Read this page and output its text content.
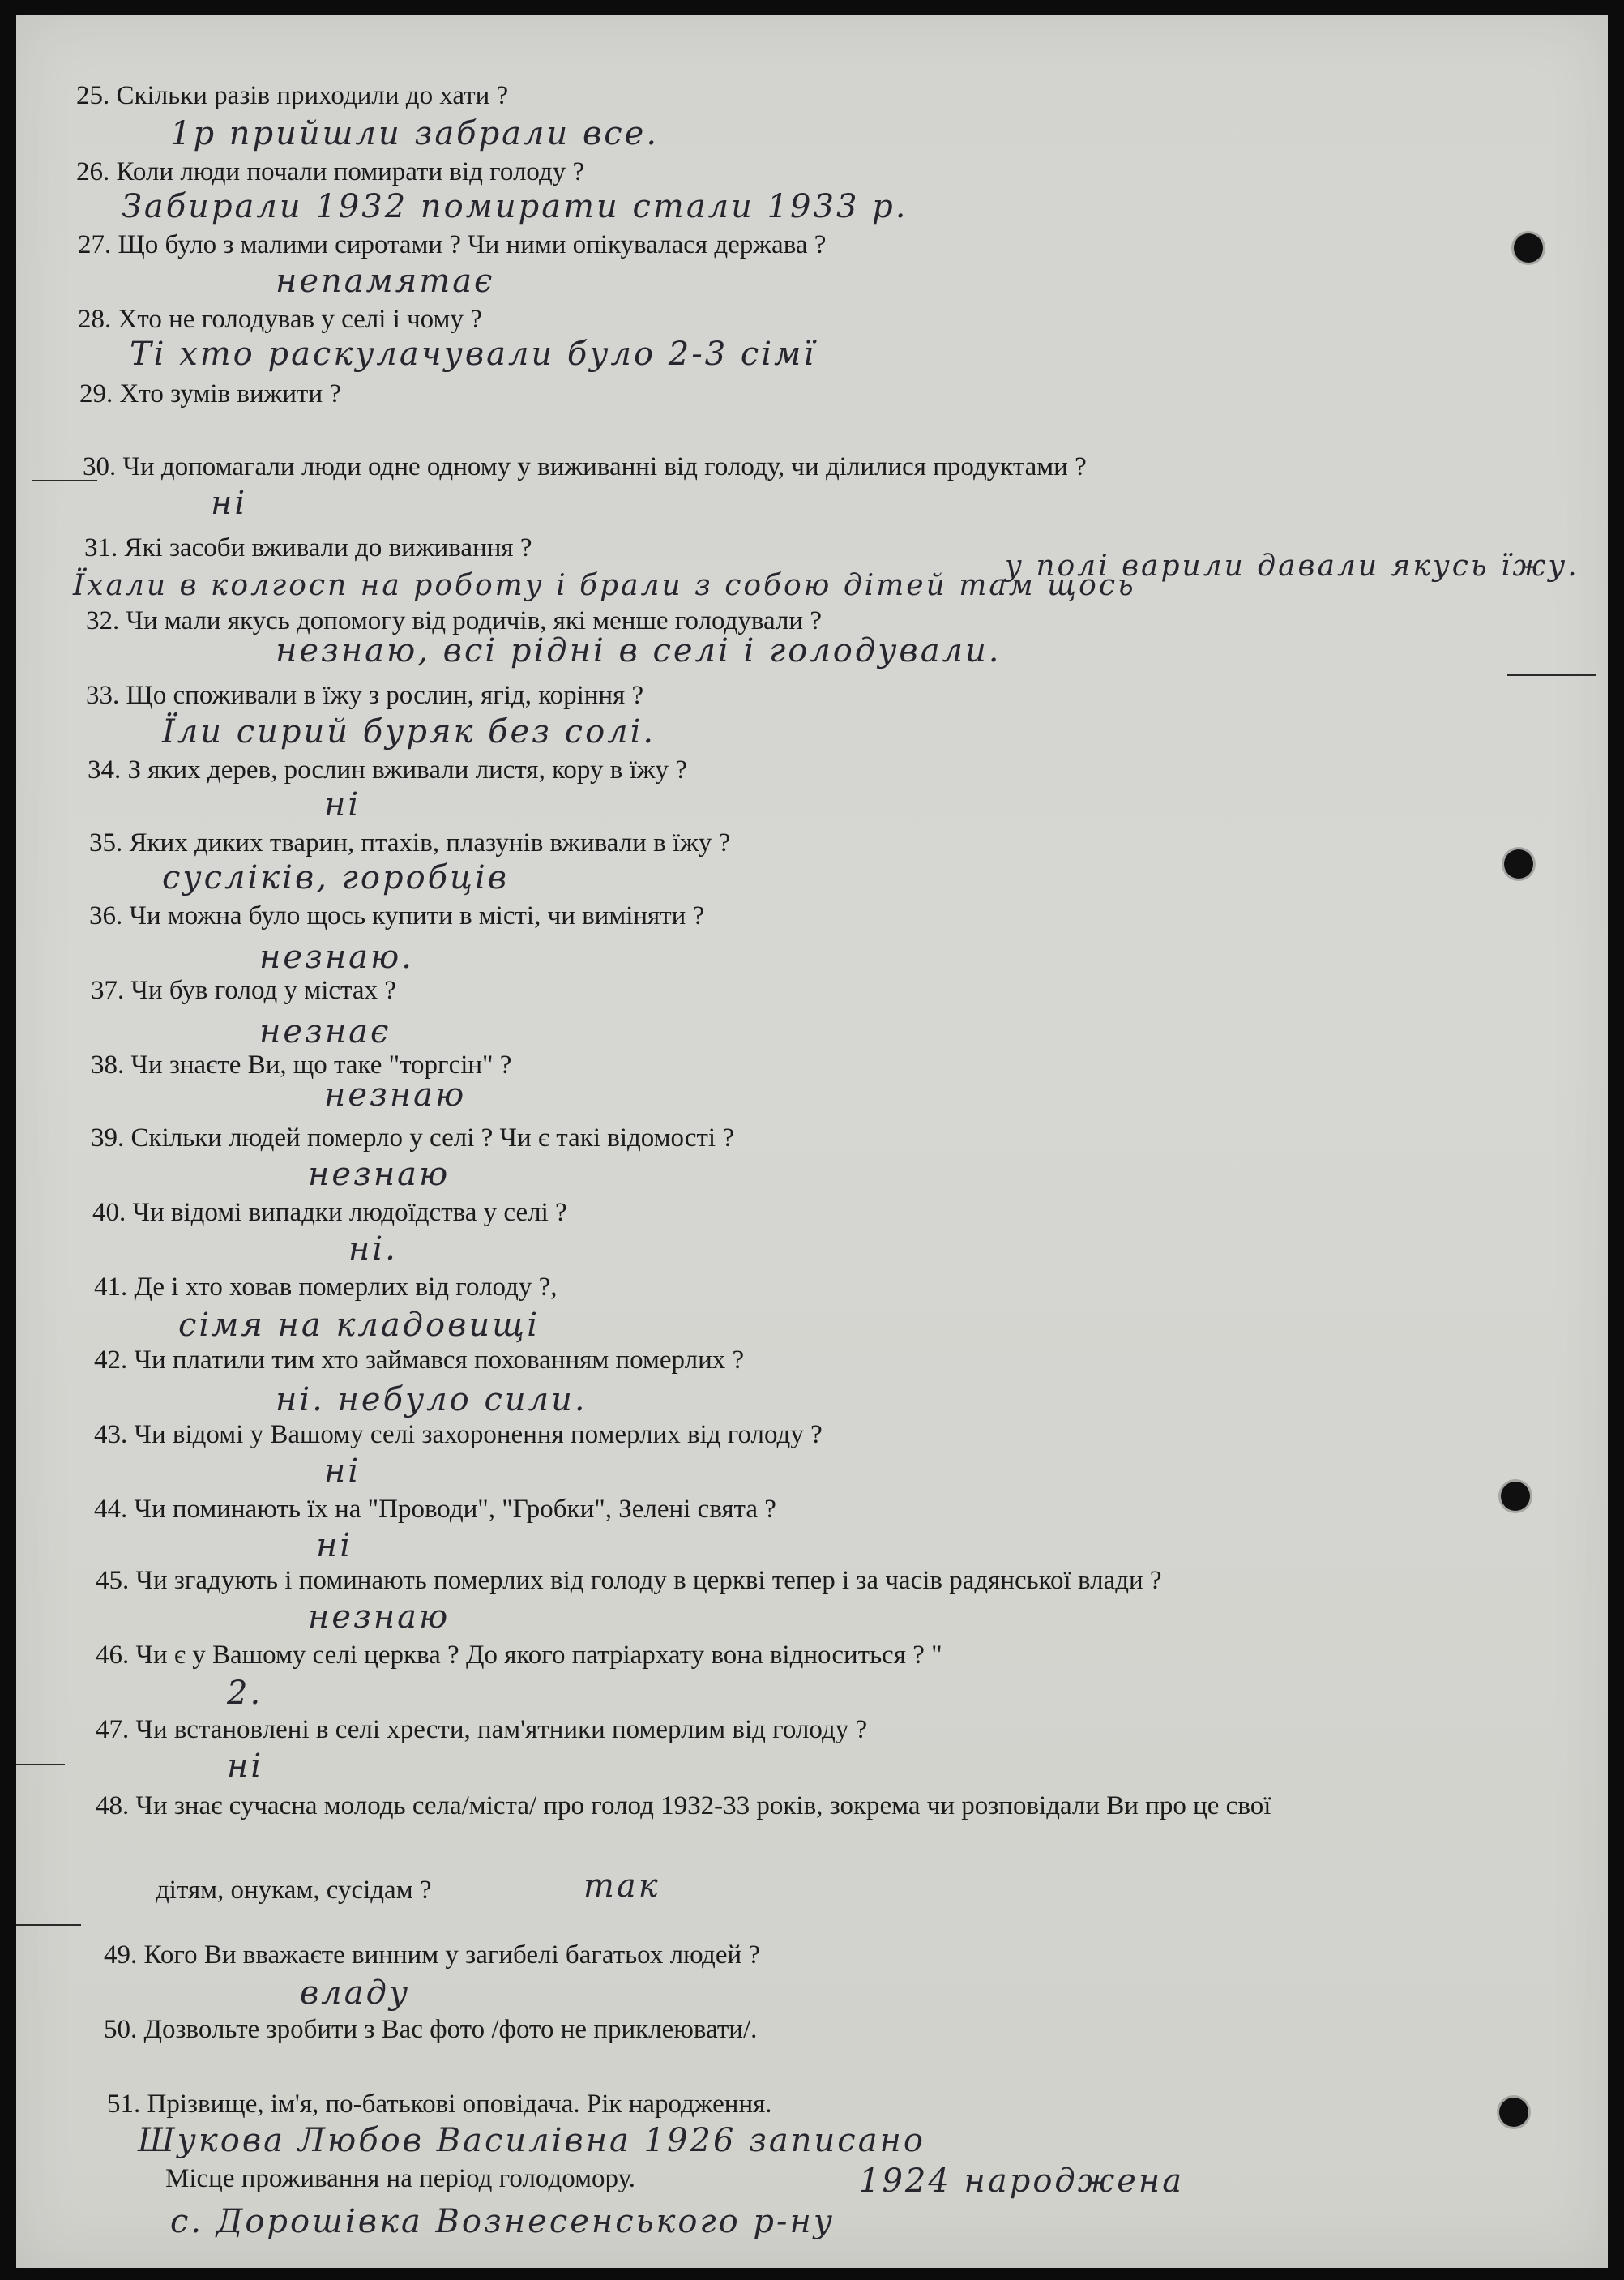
25. Скільки разів приходили до хати ?

26. Коли люди почали помирати від голоду ?

27. Що було з малими сиротами ? Чи ними опікувалася держава ?

28. Хто не голодував у селі і чому ?

29. Хто зумів вижити ?

30. Чи допомагали люди одне одному у виживанні від голоду, чи ділилися продуктами ?

31. Які засоби вживали до виживання ?

32. Чи мали якусь допомогу від родичів, які менше голодували ?

33. Що споживали в їжу з рослин, ягід, коріння ?

34. З яких дерев, рослин вживали листя, кору в їжу ?

35. Яких диких тварин, птахів, плазунів вживали в їжу ?

36. Чи можна було щось купити в місті, чи виміняти ?

37. Чи був голод у містах ?

38. Чи знаєте Ви, що таке "торгсін" ?

39. Скільки людей померло у селі ? Чи є такі відомості ?

40. Чи відомі випадки людоїдства у селі ?

41. Де і хто ховав померлих від голоду ?,

42. Чи платили тим хто займався похованням померлих ?

43. Чи відомі у Вашому селі захоронення померлих від голоду ?

44. Чи поминають їх на "Проводи", "Гробки", Зелені свята ?

45. Чи згадують і поминають померлих від голоду в церкві тепер і за часів радянської влади ?

46. Чи є у Вашому селі церква ? До якого патріархату вона відноситься ? "

47. Чи встановлені в селі хрести, пам'ятники померлим від голоду ?

48. Чи знає сучасна молодь села/міста/ про голод 1932-33 років, зокрема чи розповідали Ви про це свої

дітям, онукам, сусідам ?

49. Кого Ви вважаєте винним у загибелі багатьох людей ?

50. Дозвольте зробити з Вас фото /фото не приклеювати/.

51. Прізвище, ім'я, по-батькові оповідача. Рік народження.

Місце проживання на період голодомору.

1р прийшли забрали все.

Забирали 1932 помирати стали 1933 р.

непамятає

Ті хто раскулачували було 2-3 сімї

ні

Їхали в колгосп на роботу і брали з собою дітей там щось

у полі варили давали якусь їжу.

незнаю, всі рідні в селі і голодували.

Їли сирий буряк без солі.

ні

сусліків, горобців

незнаю.

незнає

незнаю

незнаю

ні.

сімя на кладовищі

ні. небуло сили.

ні

ні

незнаю

2.

ні

так

владу

Шукова Любов Василівна 1926 записано

1924 народжена

с. Дорошівка Вознесенського р-ну
